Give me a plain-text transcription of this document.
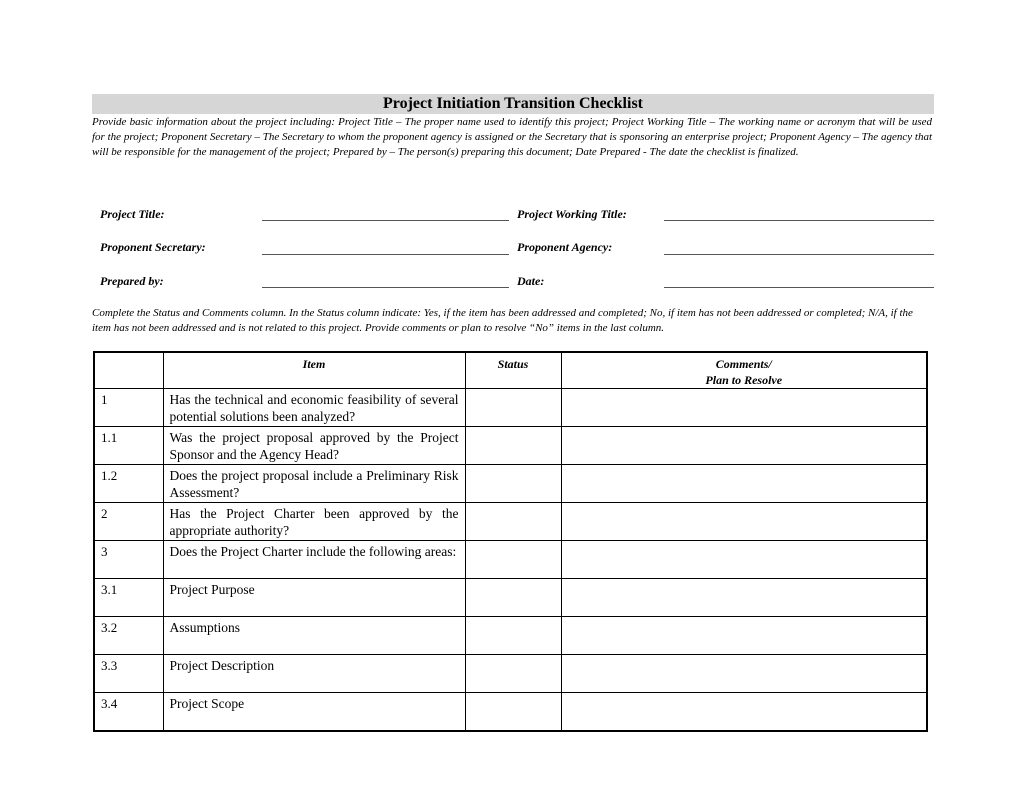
Project Initiation Transition Checklist
Provide basic information about the project including: Project Title – The proper name used to identify this project; Project Working Title – The working name or acronym that will be used for the project; Proponent Secretary – The Secretary to whom the proponent agency is assigned or the Secretary that is sponsoring an enterprise project; Proponent Agency – The agency that will be responsible for the management of the project; Prepared by – The person(s) preparing this document; Date Prepared - The date the checklist is finalized.
Project Title:	Project Working Title:
Proponent Secretary:	Proponent Agency:
Prepared by:	Date:
Complete the Status and Comments column. In the Status column indicate: Yes, if the item has been addressed and completed; No, if item has not been addressed or completed; N/A, if the item has not been addressed and is not related to this project. Provide comments or plan to resolve “No” items in the last column.

	Item	Status	Comments/
Plan to Resolve

1	Has the technical and economic feasibility of several potential solutions been analyzed?		
1.1	Was the project proposal approved by the Project Sponsor and the Agency Head?		
1.2	Does the project proposal include a Preliminary Risk Assessment?		
2	Has the Project Charter been approved by the appropriate authority?		
3	Does the Project Charter include the following areas:		
3.1	Project Purpose		
3.2	Assumptions		
3.3	Project Description		
3.4	Project Scope		
